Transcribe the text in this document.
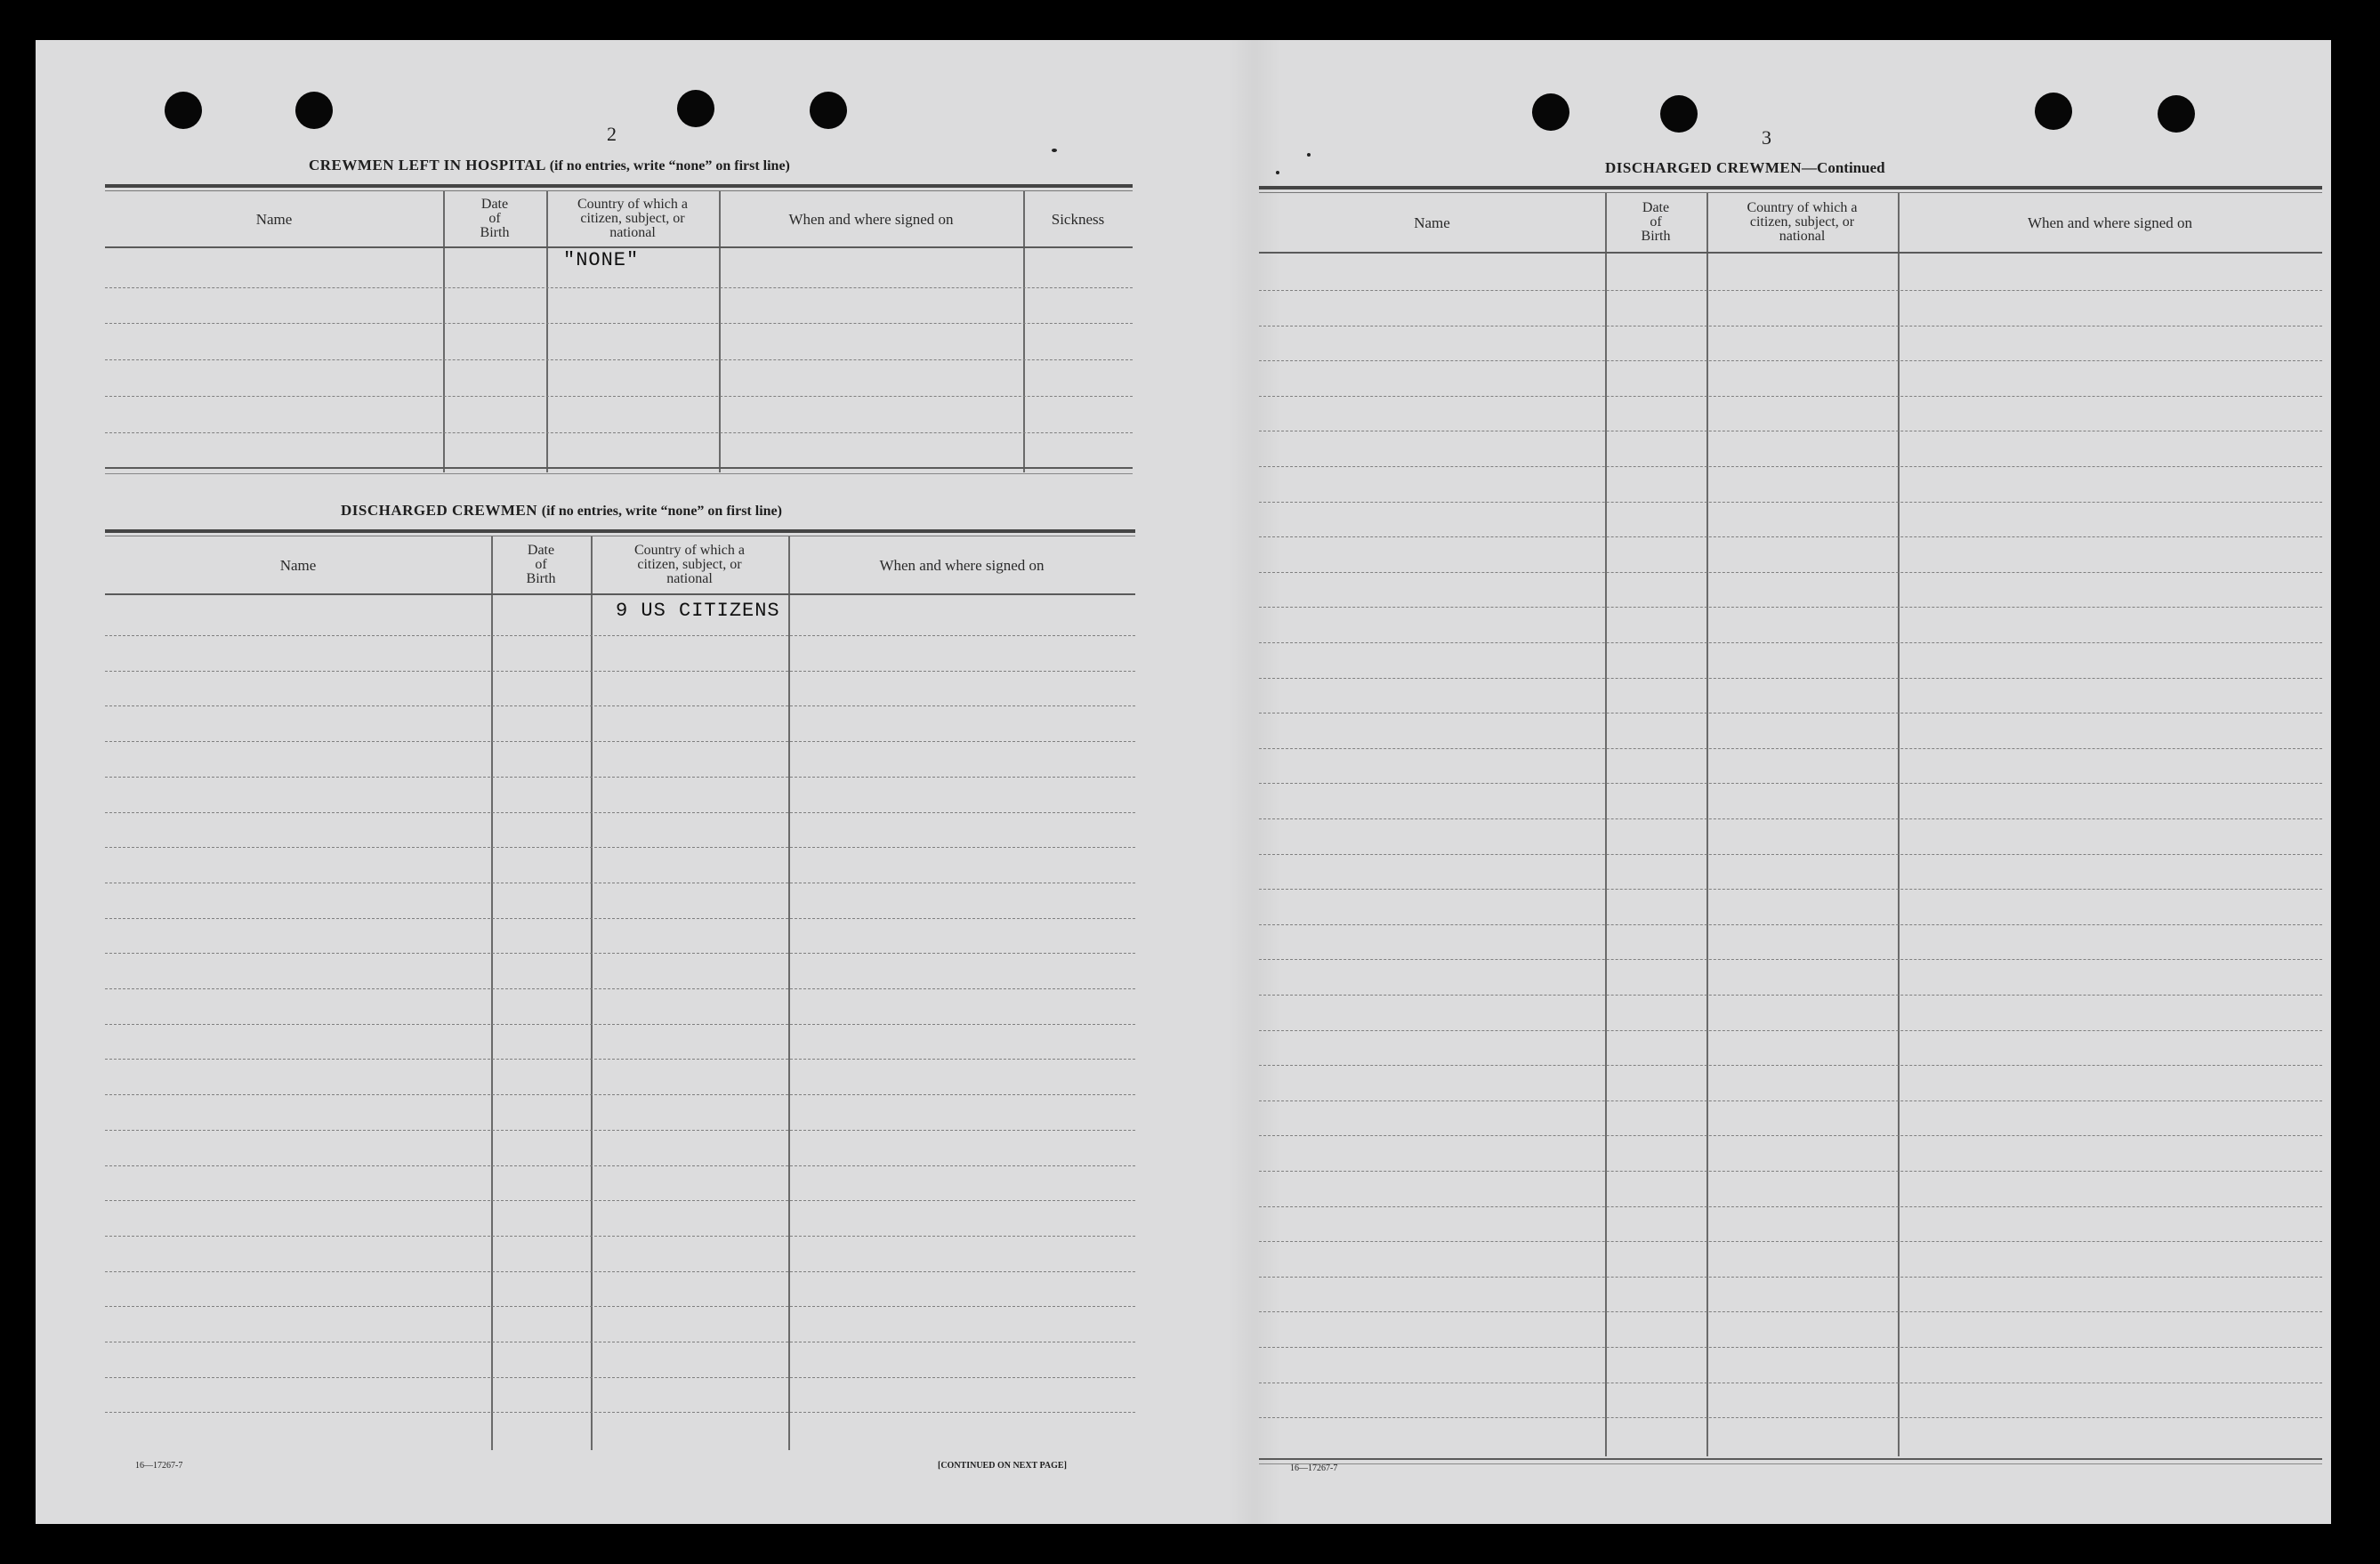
2
CREWMEN LEFT IN HOSPITAL (if no entries, write “none” on first line)
Name
Date
of
Birth
Country of which a
citizen, subject, or
national
When and where signed on	Sickness
"NONE"
DISCHARGED CREWMEN (if no entries, write “none” on first line)
Name
Date
of
Birth
Country of which a
citizen, subject, or
national
When and where signed on
9 US CITIZENS
16—17267-7	[CONTINUED ON NEXT PAGE]
3
DISCHARGED CREWMEN—Continued
Name
Date
of
Birth
Country of which a
citizen, subject, or
national
When and where signed on
16—17267-7
